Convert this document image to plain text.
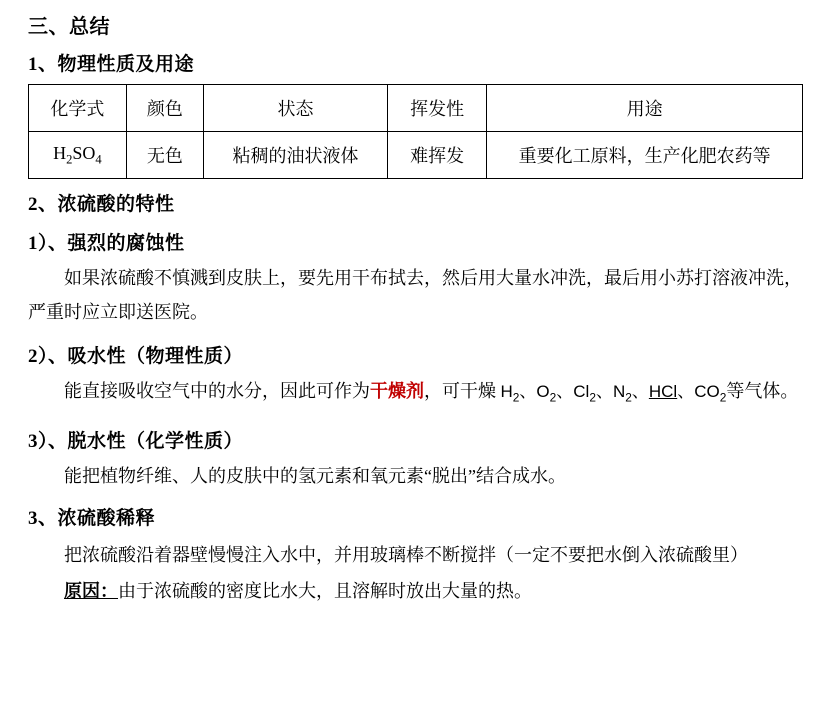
三、总结
1、物理性质及用途
化学式	颜色	状态	挥发性	用途
$H_2SO_4$	无色	粘稠的油状液体	难挥发	重要化工原料，生产化肥农药等
2、浓硫酸的特性
1）、强烈的腐蚀性
如果浓硫酸不慎溅到皮肤上，要先用干布拭去，然后用大量水冲洗，最后用小苏打溶液冲洗，严重时应立即送医院。
2）、吸水性（物理性质）
能直接吸收空气中的水分，因此可作为干燥剂，可干燥 $H_2$、$O_2$、$Cl_2$、$N_2$、HCl、$CO_2$等气体。
3）、脱水性（化学性质）
能把植物纤维、人的皮肤中的氢元素和氧元素“脱出”结合成水。
3、浓硫酸稀释
把浓硫酸沿着器壁慢慢注入水中，并用玻璃棒不断搅拌（一定不要把水倒入浓硫酸里）
原因：由于浓硫酸的密度比水大，且溶解时放出大量的热。
